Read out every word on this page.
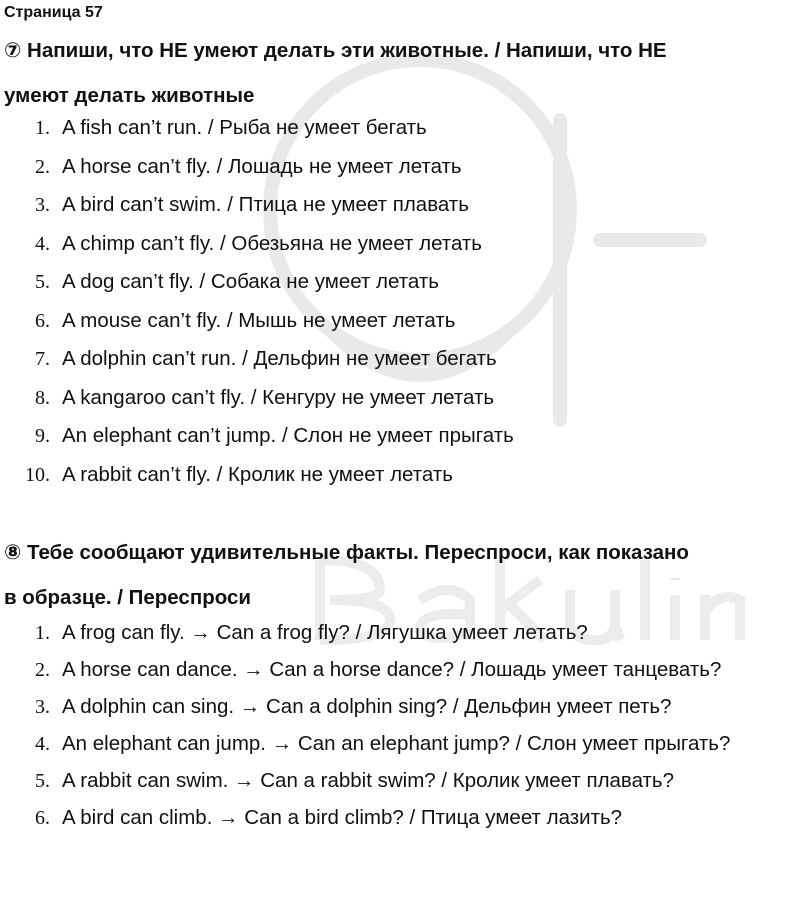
Страница 57

⑦ Напиши, что НЕ умеют делать эти животные. / Напиши, что НЕ
умеют делать животные
1. A fish can’t run. / Рыба не умеет бегать
2. A horse can’t fly. / Лошадь не умеет летать
3. A bird can’t swim. / Птица не умеет плавать
4. A chimp can’t fly. / Обезьяна не умеет летать
5. A dog can’t fly. / Собака не умеет летать
6. A mouse can’t fly. / Мышь не умеет летать
7. A dolphin can’t run. / Дельфин не умеет бегать
8. A kangaroo can’t fly. / Кенгуру не умеет летать
9. An elephant can’t jump. / Слон не умеет прыгать
10. A rabbit can’t fly. / Кролик не умеет летать
⑧ Тебе сообщают удивительные факты. Переспроси, как показано
в образце. / Переспроси
1. A frog can fly. → Can a frog fly? / Лягушка умеет летать?
2. A horse can dance. → Can a horse dance? / Лошадь умеет танцевать?
3. A dolphin can sing. → Can a dolphin sing? / Дельфин умеет петь?
4. An elephant can jump. → Can an elephant jump? / Слон умеет прыгать?
5. A rabbit can swim. → Can a rabbit swim? / Кролик умеет плавать?
6. A bird can climb. → Can a bird climb? / Птица умеет лазить?
